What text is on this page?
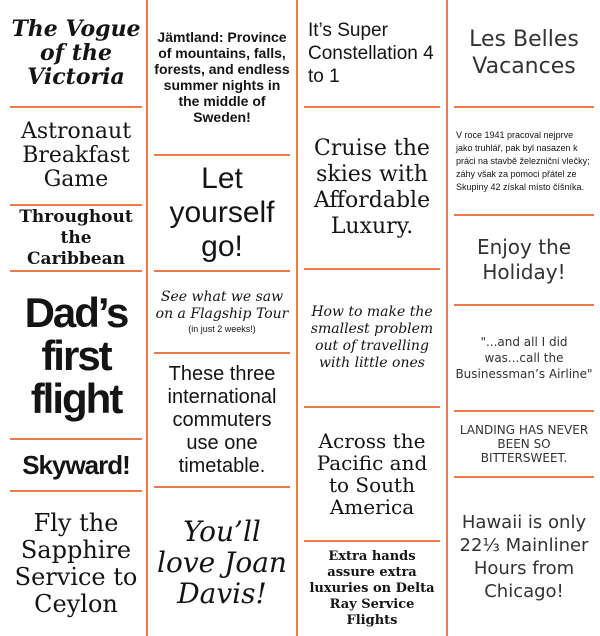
The Vogue of the Victoria
Astronaut Breakfast Game
Throughout the Caribbean
Dad’s first flight
Skyward!
Fly the Sapphire Service to Ceylon
Jämtland: Province of mountains, falls, forests, and endless summer nights in the middle of Sweden!
Let yourself go!
See what we saw on a Flagship Tour
(in just 2 weeks!)
These three international commuters use one timetable.
You’ll love Joan Davis!
It’s Super Constellation 4 to 1
Cruise the skies with Affordable Luxury.
How to make the smallest problem out of travelling with little ones
Across the Pacific and to South America
Extra hands assure extra luxuries on Delta Ray Service Flights
Les Belles Vacances
V roce 1941 pracoval nejprve jako truhlář, pak byl nasazen k práci na stavbě železniční vlečky; záhy však za pomoci přátel ze Skupiny 42 získal místo číšníka.
Enjoy the Holiday!
"...and all I did was...call the Businessman’s Airline"
LANDING HAS NEVER BEEN SO BITTERSWEET.
Hawaii is only 22⅓ Mainliner Hours from Chicago!
